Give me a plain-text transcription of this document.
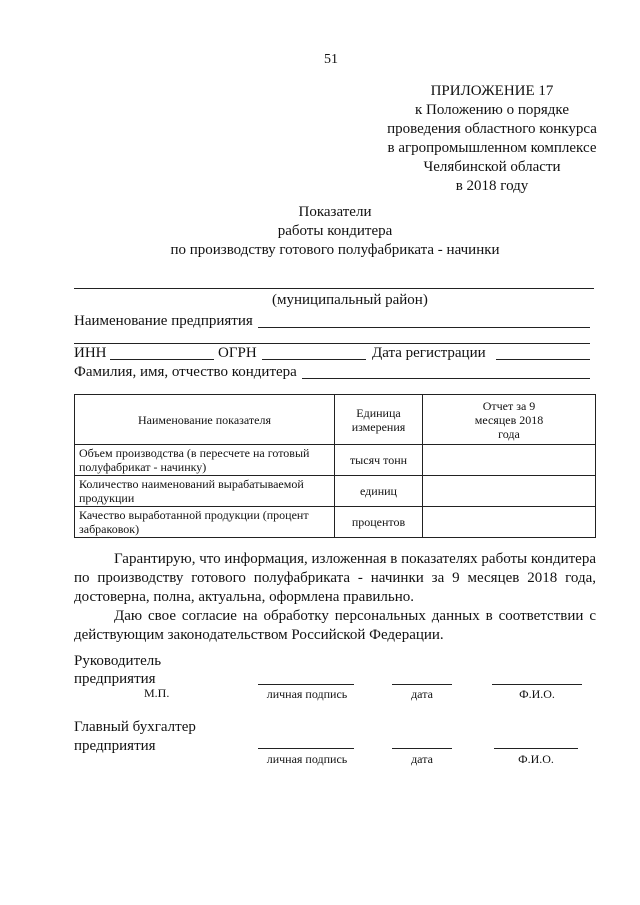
51
ПРИЛОЖЕНИЕ 17
к Положению о порядке
проведения областного конкурса
в агропромышленном комплексе
Челябинской области
в 2018 году
Показатели
работы кондитера
по производству готового полуфабриката - начинки
(муниципальный район)
Наименование предприятия
ИНН	ОГРН	Дата регистрации
Фамилия, имя, отчество кондитера
Наименование показателя	Единица измерения	Отчет за 9 месяцев 2018 года

Объем производства (в пересчете на готовый полуфабрикат - начинку)	тысяч тонн	
Количество наименований вырабатываемой продукции	единиц	
Качество выработанной продукции (процент забраковок)	процентов	
Гарантирую, что информация, изложенная в показателях работы кондитера по производству готового полуфабриката - начинки за 9 месяцев 2018 года, достоверна, полна, актуальна, оформлена правильно.
Даю свое согласие на обработку персональных данных в соответствии с действующим законодательством Российской Федерации.
Руководитель
предприятия
М.П.	личная подпись	дата	Ф.И.О.
Главный бухгалтер
предприятия
личная подпись	дата	Ф.И.О.
